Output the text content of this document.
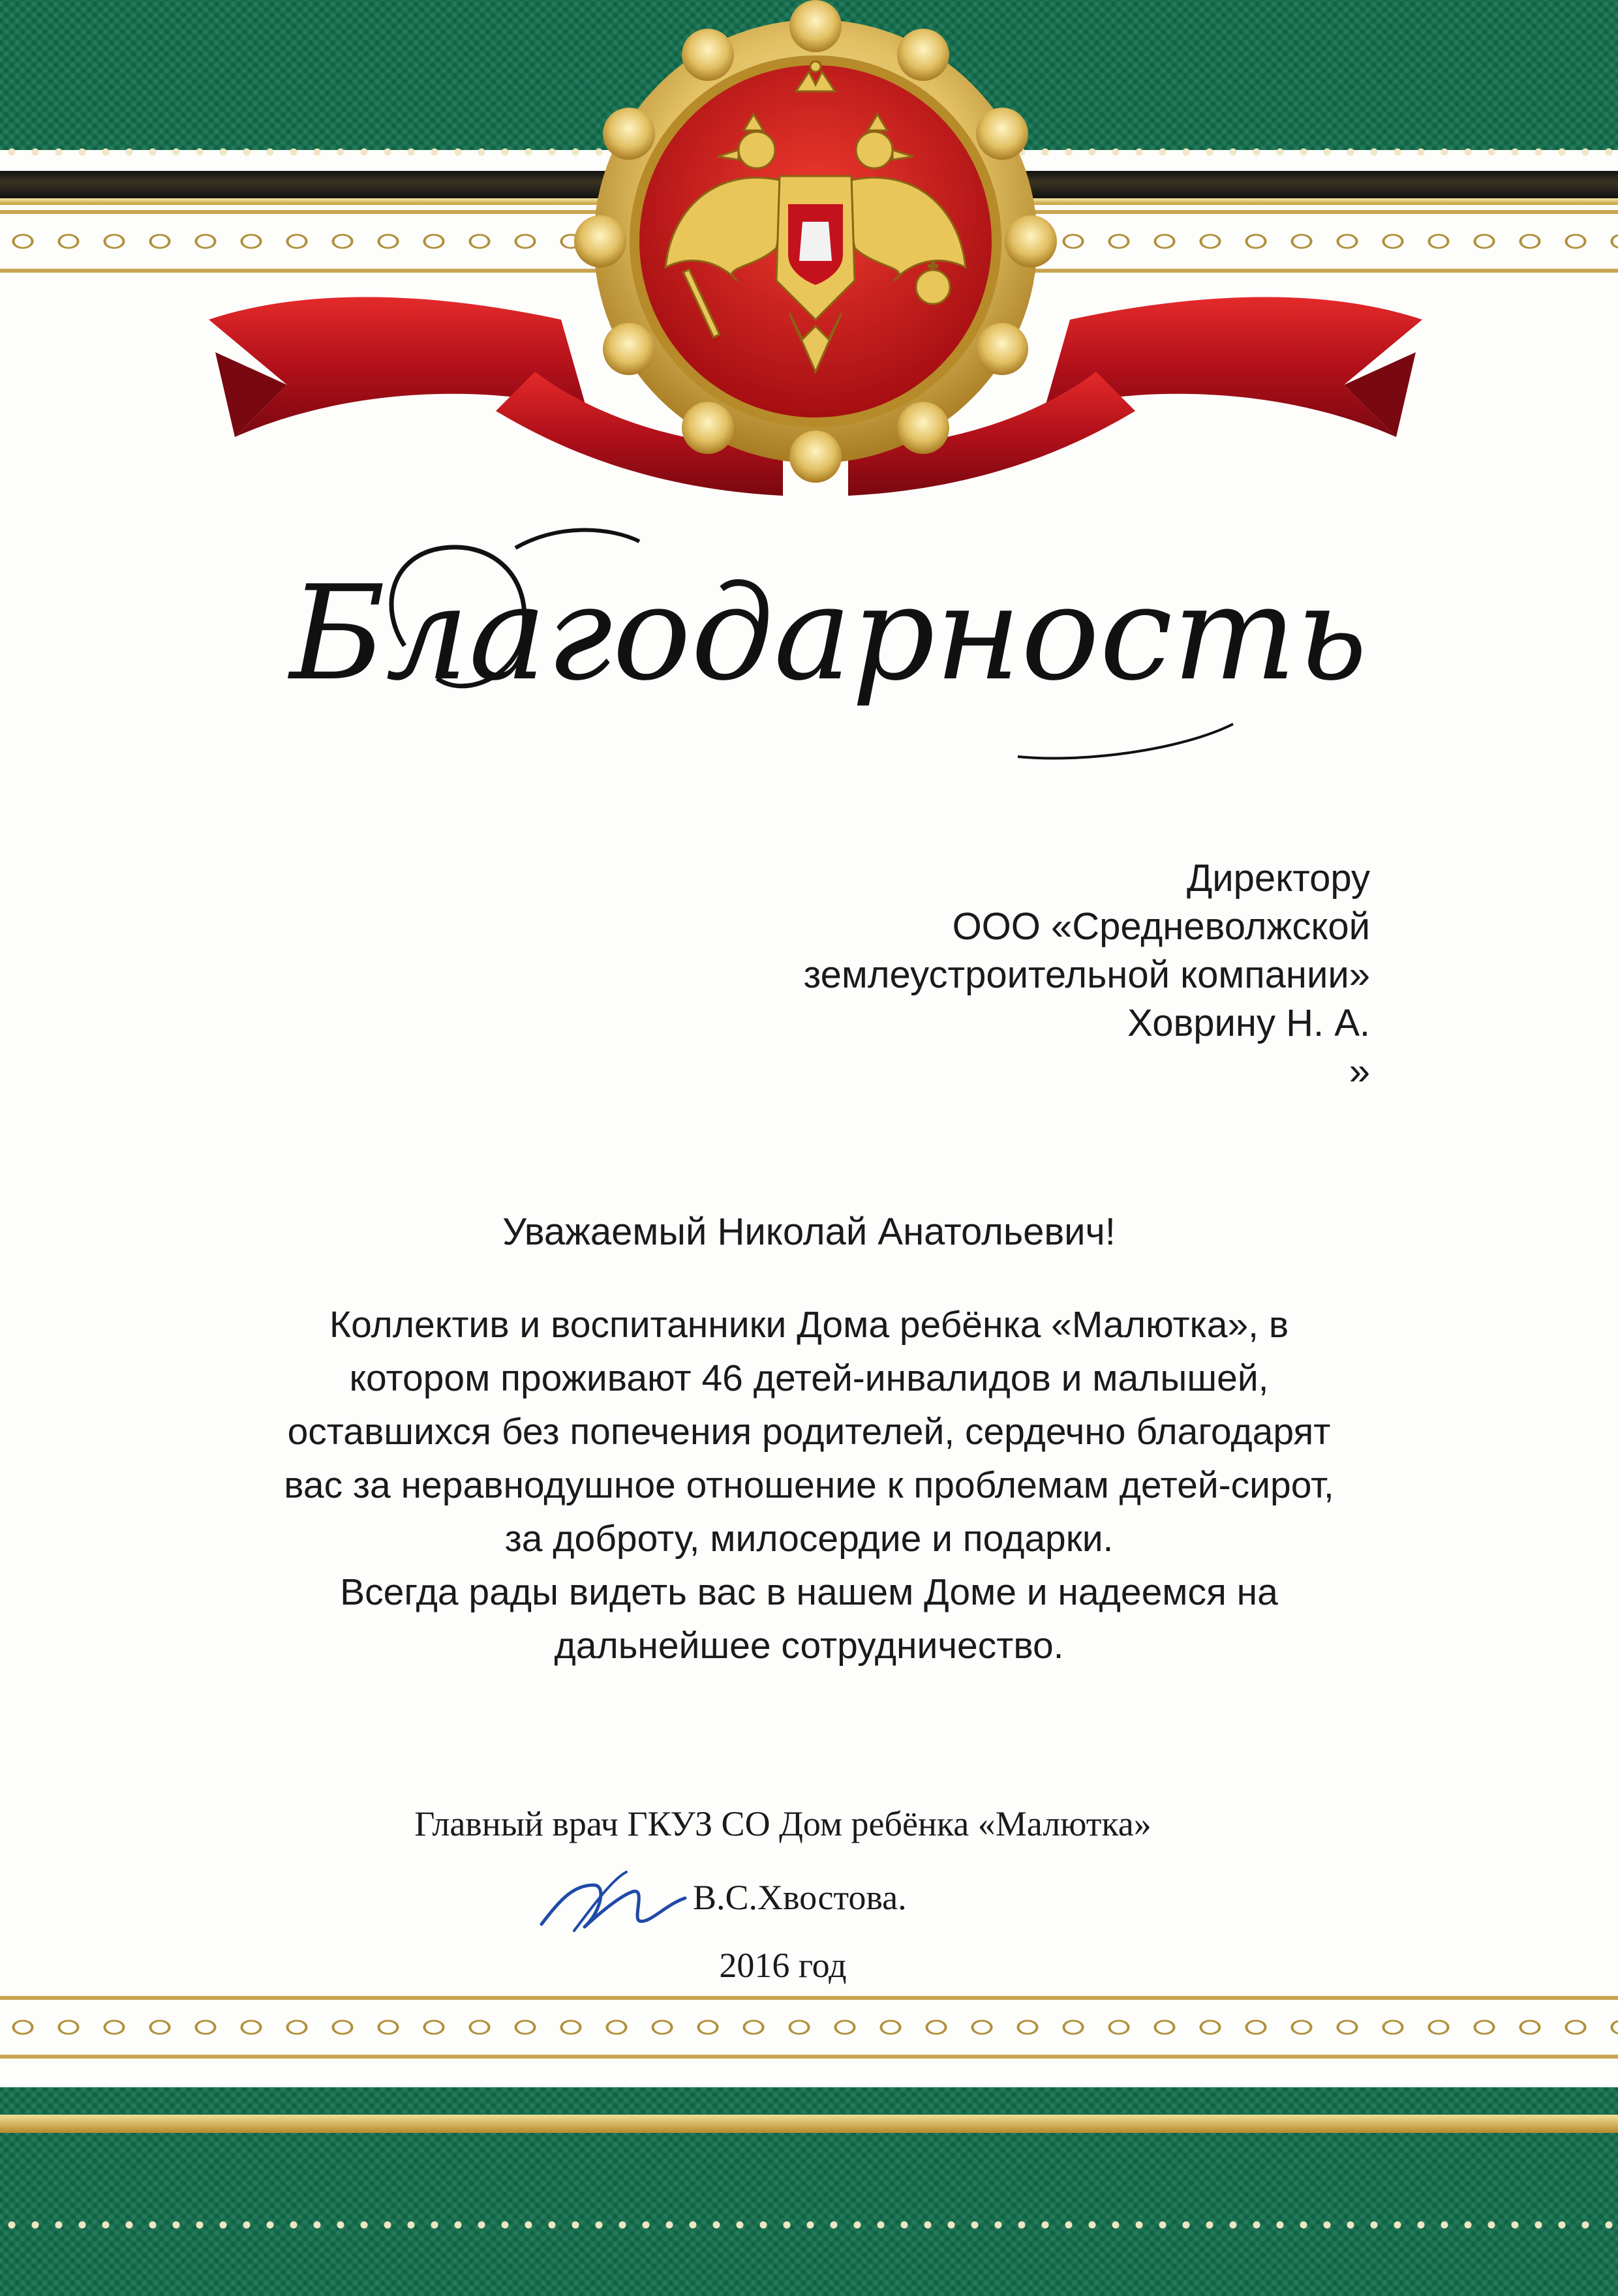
Благодарность
Директору
ООО «Средневолжской
землеустроительной компании»
Ховрину Н. А.
»
Уважаемый Николай Анатольевич!
Коллектив и воспитанники Дома ребёнка «Малютка», в
котором проживают 46 детей-инвалидов и малышей,
оставшихся без попечения родителей, сердечно благодарят
вас за неравнодушное отношение к проблемам детей-сирот,
за доброту, милосердие и подарки.
Всегда рады видеть вас в нашем Доме и надеемся на
дальнейшее сотрудничество.
Главный врач ГКУЗ СО Дом ребёнка «Малютка»
В.С.Хвостова.
2016 год
